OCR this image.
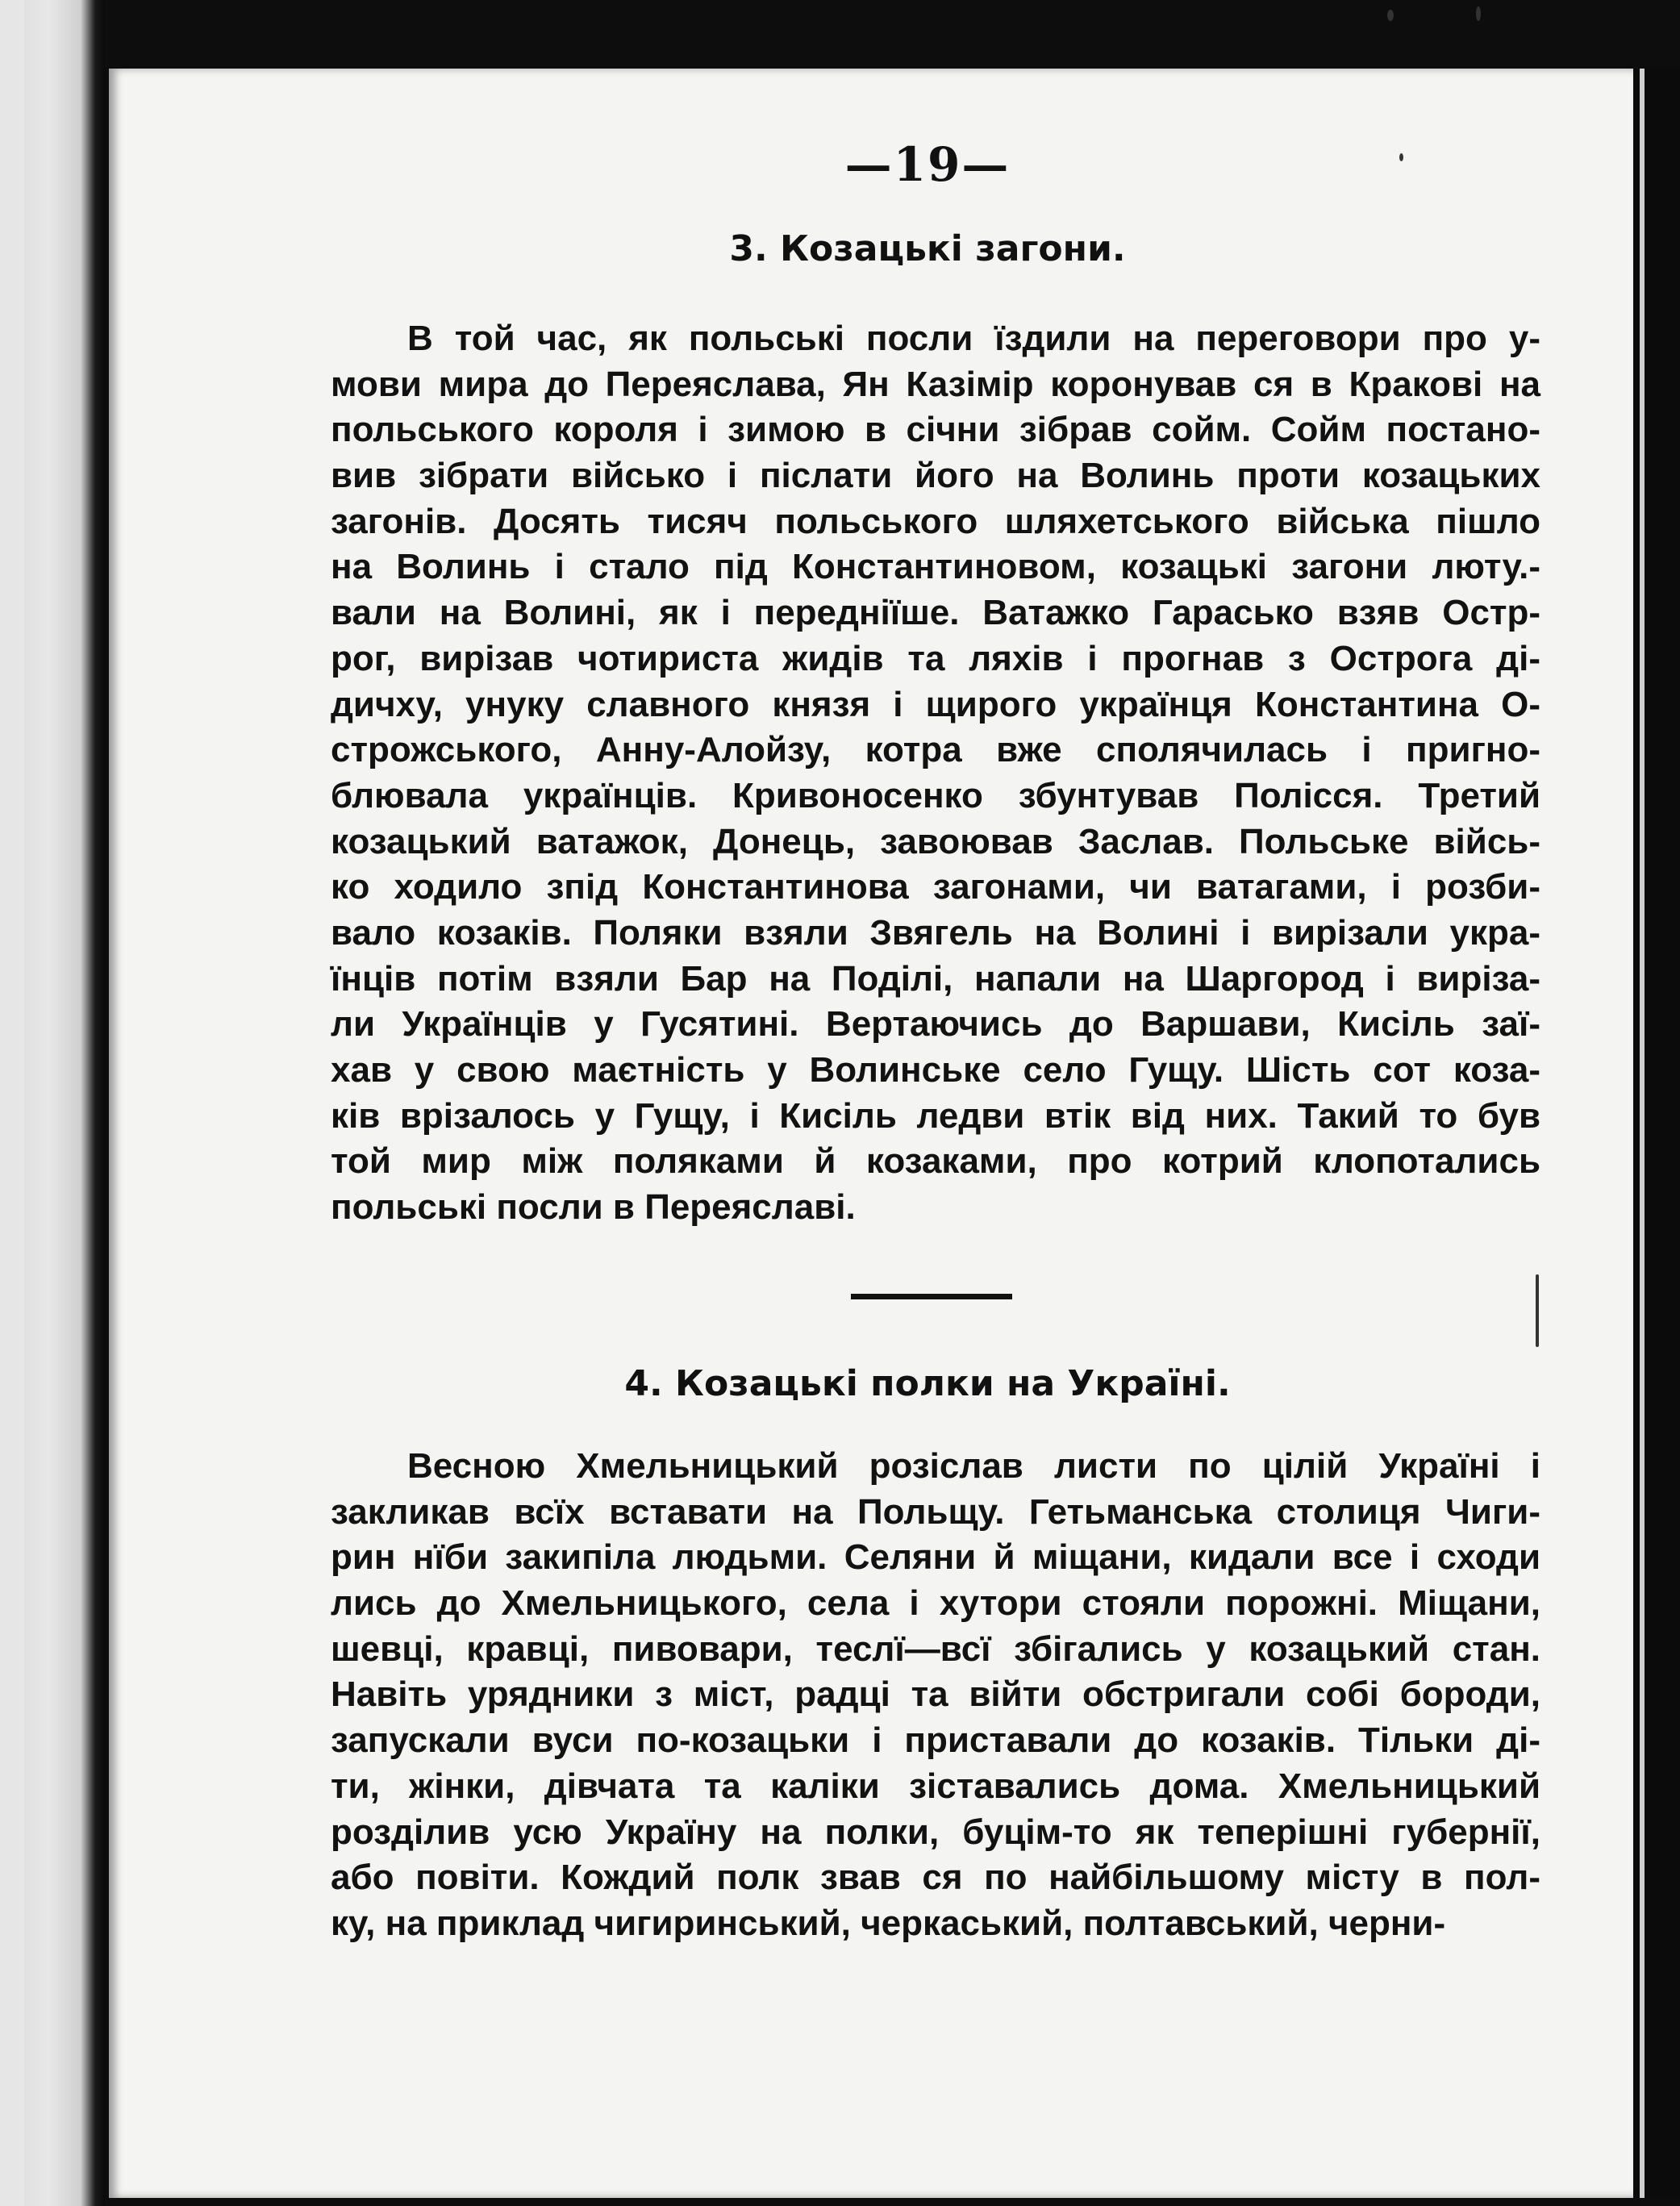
—19—
3. Козацькі загони.
В той час, як польські посли їздили на переговори про у-
мови мира до Переяслава, Ян Казімір коронував ся в Кракові на
польського короля і зимою в січни зібрав сойм. Сойм постано-
вив зібрати військо і післати його на Волинь проти козацьких
загонів. Досять тисяч польського шляхетського війська пішло
на Волинь і стало під Константиновом, козацькі загони люту.-
вали на Волині, як і передніїше. Ватажко Гарасько взяв Остр-
рог, вирізав чотириста жидів та ляхів і прогнав з Острога ді-
дичху, унуку славного князя і щирого українця Константина О-
строжського, Анну-Алойзу, котра вже сполячилась і пригно-
блювала українців. Кривоносенко збунтував Полісся. Третий
козацький ватажок, Донець, завоював Заслав. Польське війсь-
ко ходило зпід Константинова загонами, чи ватагами, і розби-
вало козаків. Поляки взяли Звягель на Волині і вирізали укра-
їнців потім взяли Бар на Поділі, напали на Шаргород і вирiза-
ли Українців у Гусятині. Вертаючись до Варшави, Кисіль заї-
хав у свою маєтність у Волинське село Гущу. Шість сот коза-
ків врізалось у Гущу, і Кисіль ледви втік від них. Такий то був
той мир між поляками й козаками, про котрий клопотались
польські посли в Переяславі.
4. Козацькі полки на Україні.
Весною Хмельницький розіслав листи по цілій Україні і
закликав всїх вставати на Польщу. Гетьманська столиця Чиги-
рин нїби закипіла людьми. Селяни й міщани, кидали все і сходи
лись до Хмельницького, села і хутори стояли порожні. Міщани,
шевці, кравці, пивовари, теслї—всї збігались у козацький стан.
Навіть урядники з міст, радці та війти обстригали собі бороди,
запускали вуси по-козацьки і приставали до козаків. Тільки ді-
ти, жінки, дівчата та каліки зіставались дома. Хмельницький
розділив усю Україну на полки, буцім-то як теперішні губернії,
або повіти. Кождий полк звав ся по найбільшому місту в пол-
ку, на приклад чигиринський, черкаський, полтавський, черни-
